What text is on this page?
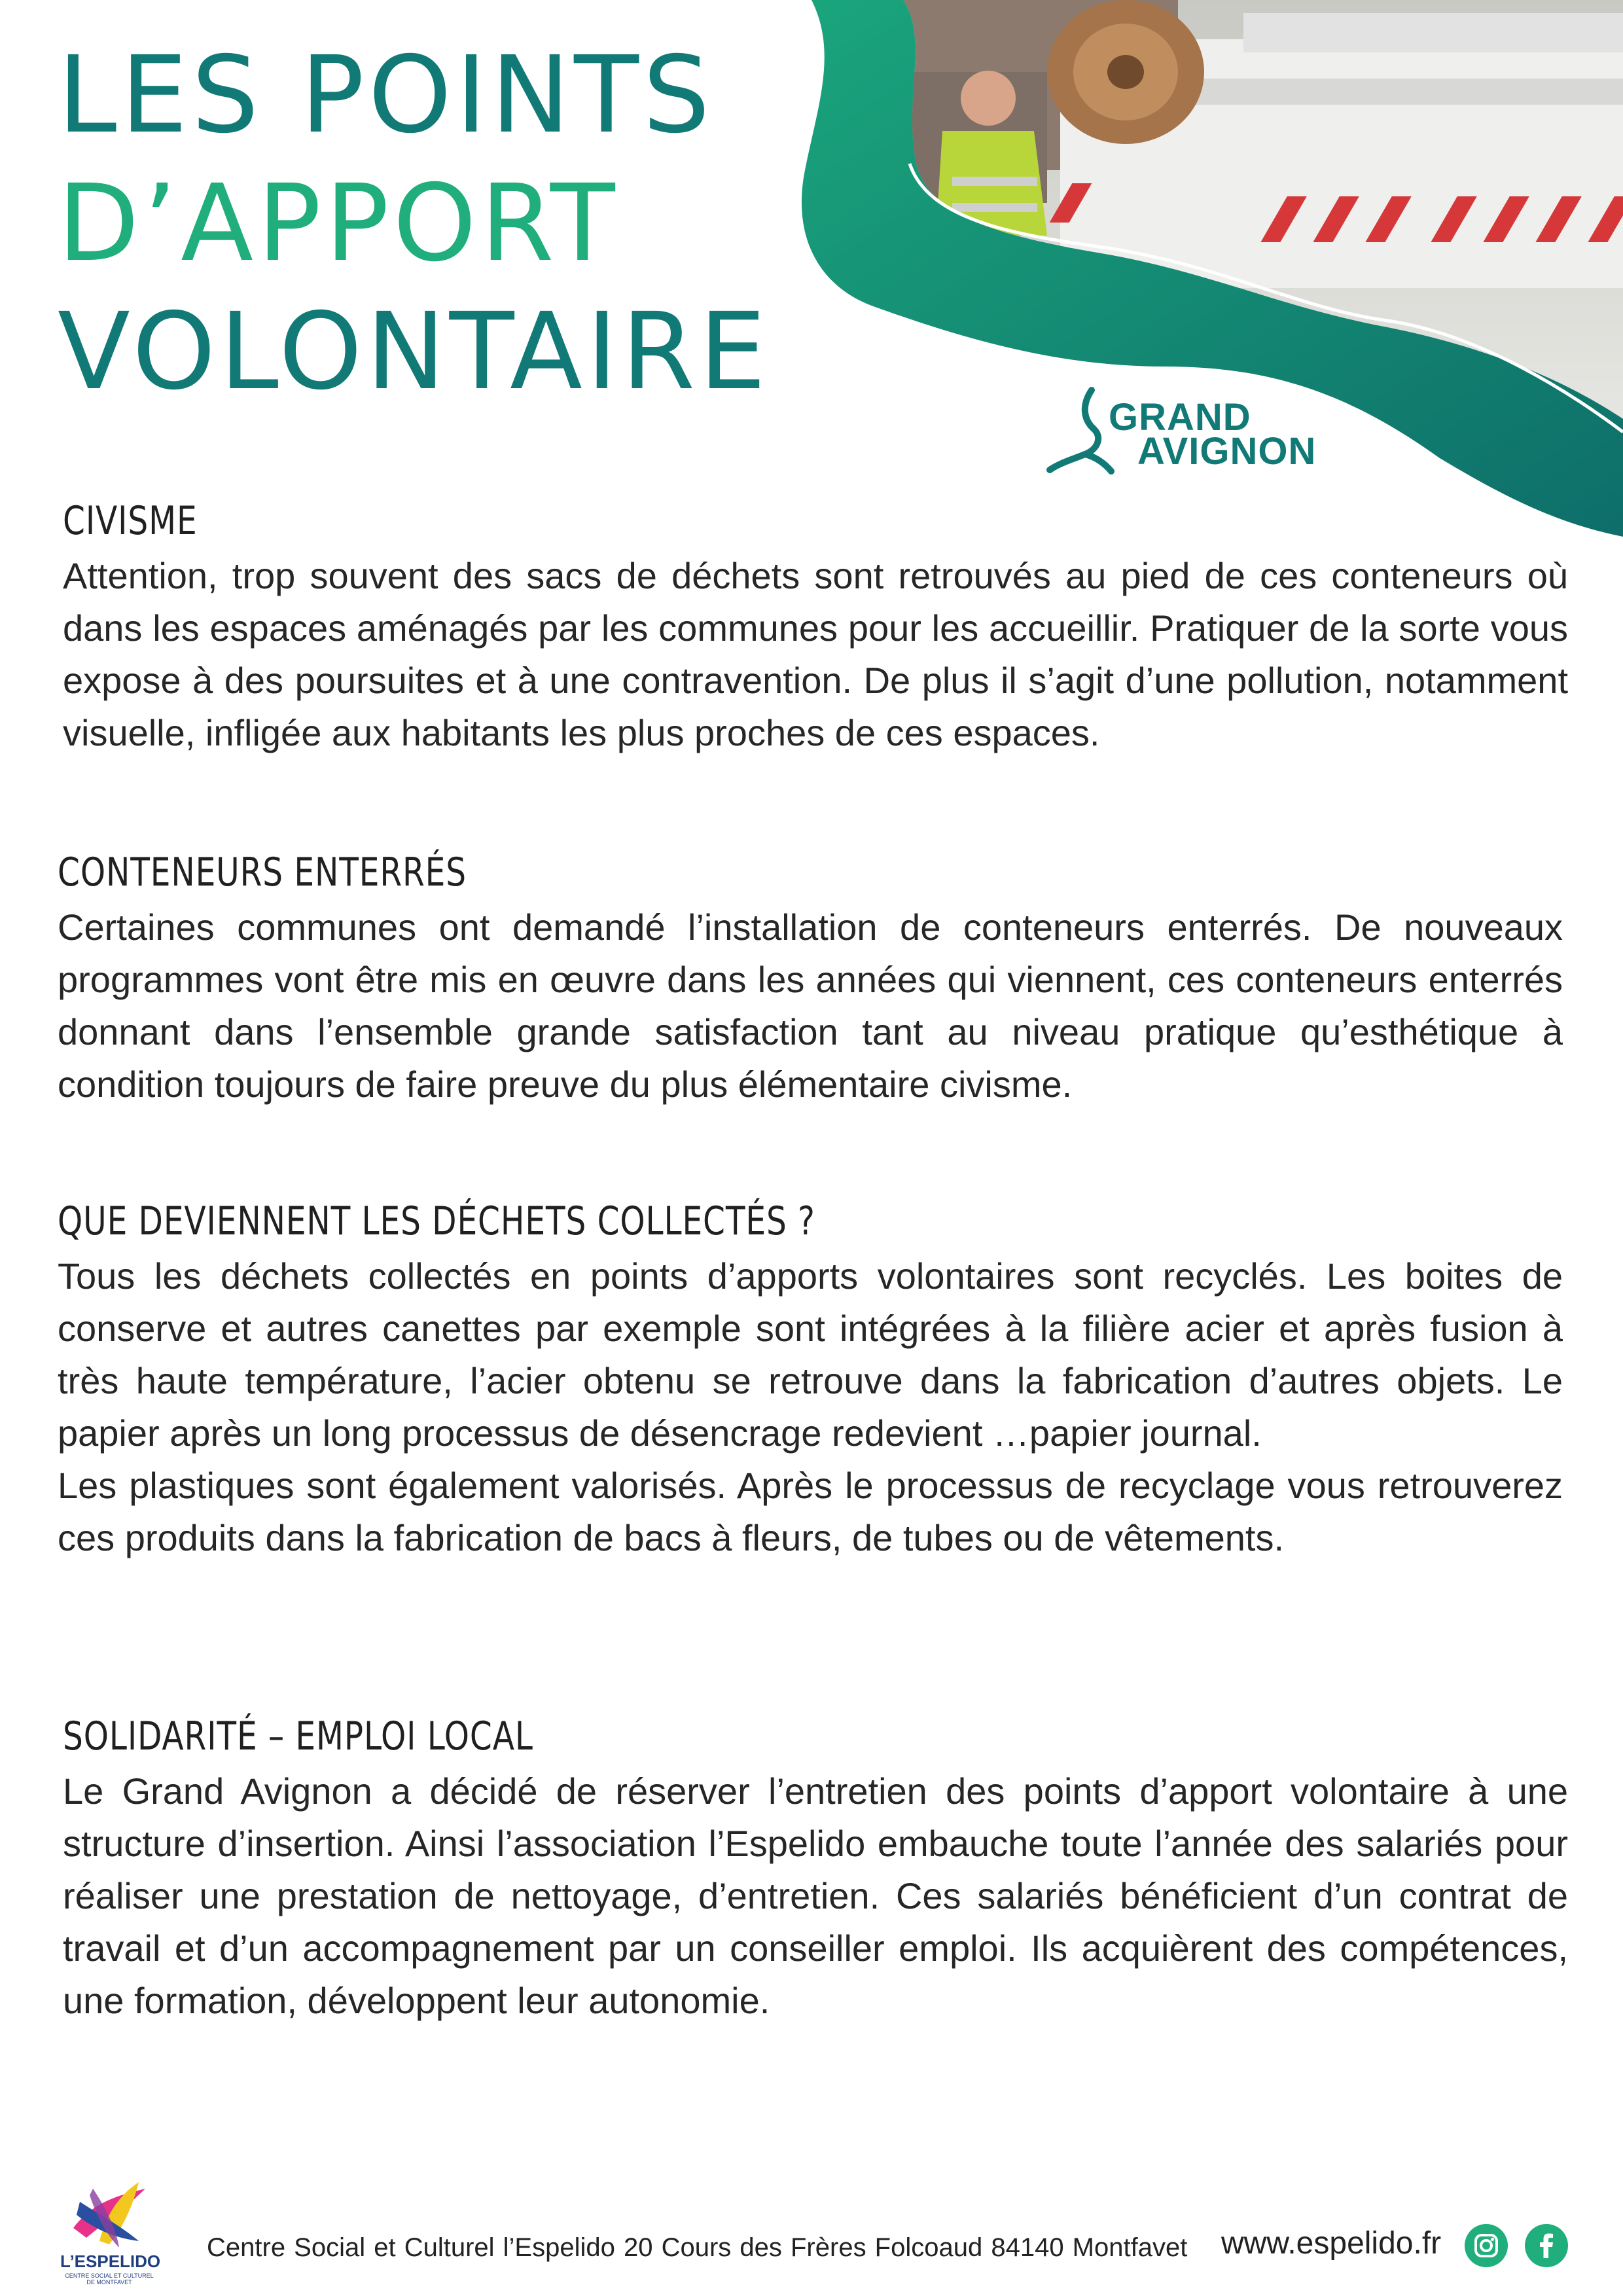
LES POINTS
D’APPORT
VOLONTAIRE
GRAND
AVIGNON
CIVISME

Attention, trop souvent des sacs de déchets sont retrouvés au pied de ces conteneurs où dans les espaces aménagés par les communes pour les accueillir. Pratiquer de la sorte vous expose à des poursuites et à une contravention. De plus il s’agit d’une pollution, notamment visuelle, infligée aux habitants les plus proches de ces espaces.

CONTENEURS ENTERRÉS

Certaines communes ont demandé l’installation de conteneurs enterrés. De nouveaux programmes vont être mis en œuvre dans les années qui viennent, ces conteneurs enterrés donnant dans l’ensemble grande satisfaction tant au niveau pratique qu’esthétique à condition toujours de faire preuve du plus élémentaire civisme.

QUE DEVIENNENT LES DÉCHETS COLLECTÉS ?

Tous les déchets collectés en points d’apports volontaires sont recyclés. Les boites de conserve et autres canettes par exemple sont intégrées à la filière acier et après fusion à très haute température, l’acier obtenu se retrouve dans la fabrication d’autres objets. Le papier après un long processus de désencrage redevient …papier journal.

Les plastiques sont également valorisés. Après le processus de recyclage vous retrouverez ces produits dans la fabrication de bacs à fleurs, de tubes ou de vêtements.

SOLIDARITÉ – EMPLOI LOCAL

Le Grand Avignon a décidé de réserver l’entretien des points d’apport volontaire à une structure d’insertion. Ainsi l’association l’Espelido embauche toute l’année des salariés pour réaliser une prestation de nettoyage, d’entretien. Ces salariés bénéficient d’un contrat de travail et d’un accompagnement par un conseiller emploi. Ils acquièrent des compétences, une formation, développent leur autonomie.

L’ESPELIDO
CENTRE SOCIAL ET CULTUREL DE MONTFAVET
Centre Social et Culturel l’Espelido 20 Cours des Frères Folcoaud 84140 Montfavet www.espelido.fr
